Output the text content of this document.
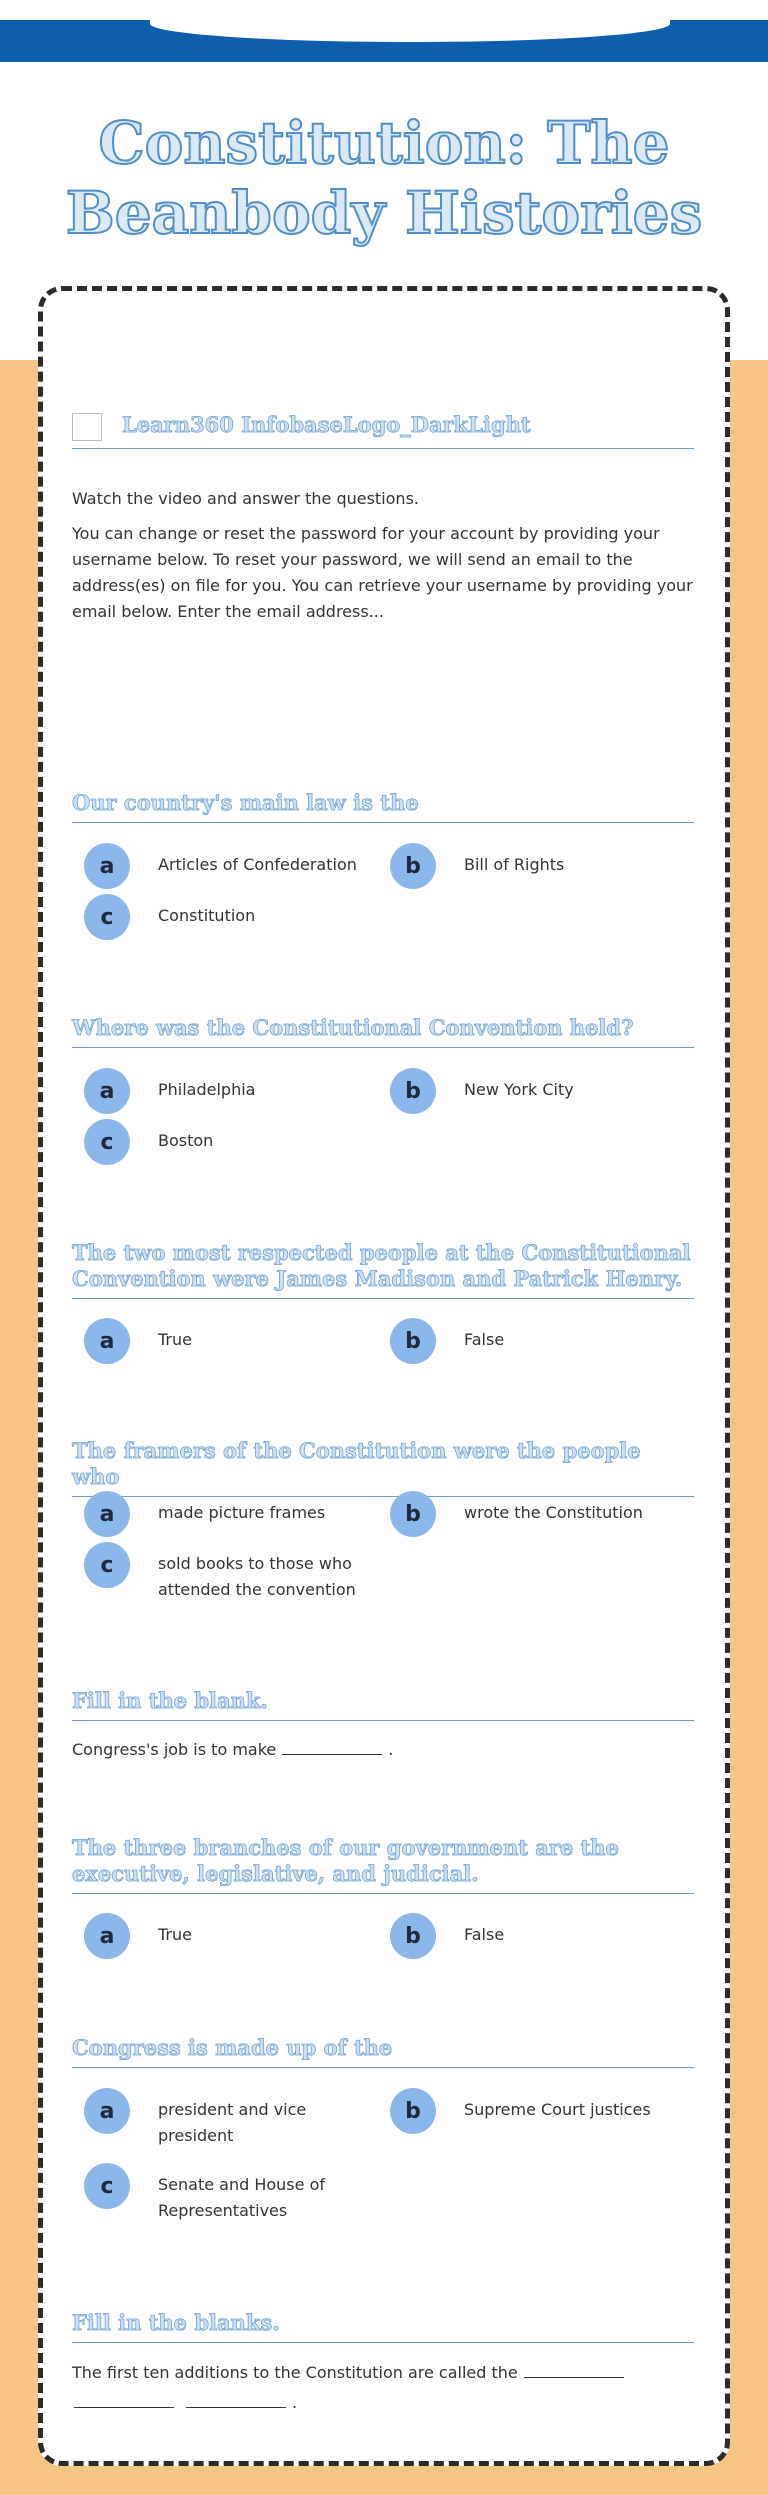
Constitution: The
Beanbody Histories
Learn360 InfobaseLogo_DarkLight
Watch the video and answer the questions.
You can change or reset the password for your account by providing your username below. To reset your password, we will send an email to the address(es) on file for you. You can retrieve your username by providing your email below. Enter the email address...
Our country's main law is the
a	Articles of Confederation	b	Bill of Rights
c	Constitution
Where was the Constitutional Convention held?
a	Philadelphia	b	New York City
c	Boston
The two most respected people at the Constitutional Convention were James Madison and Patrick Henry.
a	True	b	False
The framers of the Constitution were the people who
a	made picture frames	b	wrote the Constitution
c	sold books to those who attended the convention
Fill in the blank.
Congress's job is to make	.
The three branches of our government are the executive, legislative, and judicial.
a	True	b	False
Congress is made up of the
a	president and vice president
b	Supreme Court justices
c	Senate and House of Representatives
Fill in the blanks.
The first ten additions to the Constitution are called the
.
